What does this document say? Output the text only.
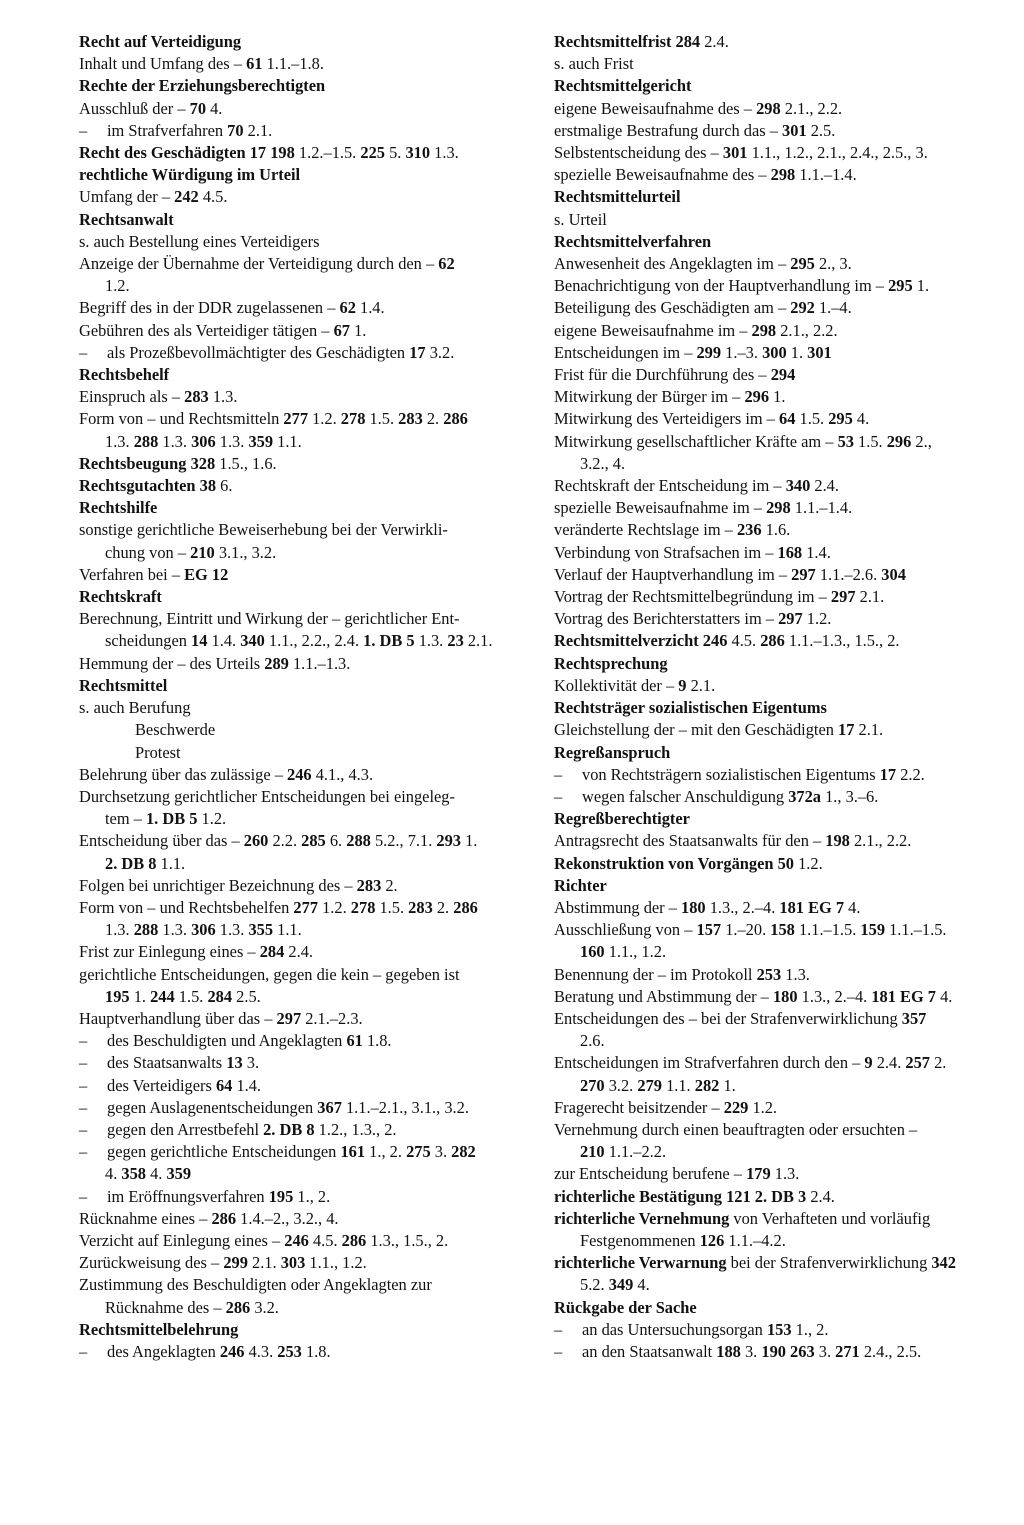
Recht auf Verteidigung
Inhalt und Umfang des – 61 1.1.–1.8.
Rechte der Erziehungsberechtigten
Ausschluß der – 70 4.
– im Strafverfahren 70 2.1.
Recht des Geschädigten 17 198 1.2.–1.5. 225 5. 310 1.3.
rechtliche Würdigung im Urteil
Umfang der – 242 4.5.
Rechtsanwalt
s. auch Bestellung eines Verteidigers
Anzeige der Übernahme der Verteidigung durch den – 62
1.2.
Begriff des in der DDR zugelassenen – 62 1.4.
Gebühren des als Verteidiger tätigen – 67 1.
– als Prozeßbevollmächtigter des Geschädigten 17 3.2.
Rechtsbehelf
Einspruch als – 283 1.3.
Form von – und Rechtsmitteln 277 1.2. 278 1.5. 283 2. 286
1.3. 288 1.3. 306 1.3. 359 1.1.
Rechtsbeugung 328 1.5., 1.6.
Rechtsgutachten 38 6.
Rechtshilfe
sonstige gerichtliche Beweiserhebung bei der Verwirkli-
chung von – 210 3.1., 3.2.
Verfahren bei – EG 12
Rechtskraft
Berechnung, Eintritt und Wirkung der – gerichtlicher Ent-
scheidungen 14 1.4. 340 1.1., 2.2., 2.4. 1. DB 5 1.3. 23 2.1.
Hemmung der – des Urteils 289 1.1.–1.3.
Rechtsmittel
s. auch Berufung
Beschwerde
Protest
Belehrung über das zulässige – 246 4.1., 4.3.
Durchsetzung gerichtlicher Entscheidungen bei eingeleg-
tem – 1. DB 5 1.2.
Entscheidung über das – 260 2.2. 285 6. 288 5.2., 7.1. 293 1.
2. DB 8 1.1.
Folgen bei unrichtiger Bezeichnung des – 283 2.
Form von – und Rechtsbehelfen 277 1.2. 278 1.5. 283 2. 286
1.3. 288 1.3. 306 1.3. 355 1.1.
Frist zur Einlegung eines – 284 2.4.
gerichtliche Entscheidungen, gegen die kein – gegeben ist
195 1. 244 1.5. 284 2.5.
Hauptverhandlung über das – 297 2.1.–2.3.
– des Beschuldigten und Angeklagten 61 1.8.
– des Staatsanwalts 13 3.
– des Verteidigers 64 1.4.
– gegen Auslagenentscheidungen 367 1.1.–2.1., 3.1., 3.2.
– gegen den Arrestbefehl 2. DB 8 1.2., 1.3., 2.
– gegen gerichtliche Entscheidungen 161 1., 2. 275 3. 282
4. 358 4. 359
– im Eröffnungsverfahren 195 1., 2.
Rücknahme eines – 286 1.4.–2., 3.2., 4.
Verzicht auf Einlegung eines – 246 4.5. 286 1.3., 1.5., 2.
Zurückweisung des – 299 2.1. 303 1.1., 1.2.
Zustimmung des Beschuldigten oder Angeklagten zur
Rücknahme des – 286 3.2.
Rechtsmittelbelehrung
– des Angeklagten 246 4.3. 253 1.8.
Rechtsmittelfrist 284 2.4.
s. auch Frist
Rechtsmittelgericht
eigene Beweisaufnahme des – 298 2.1., 2.2.
erstmalige Bestrafung durch das – 301 2.5.
Selbstentscheidung des – 301 1.1., 1.2., 2.1., 2.4., 2.5., 3.
spezielle Beweisaufnahme des – 298 1.1.–1.4.
Rechtsmittelurteil
s. Urteil
Rechtsmittelverfahren
Anwesenheit des Angeklagten im – 295 2., 3.
Benachrichtigung von der Hauptverhandlung im – 295 1.
Beteiligung des Geschädigten am – 292 1.–4.
eigene Beweisaufnahme im – 298 2.1., 2.2.
Entscheidungen im – 299 1.–3. 300 1. 301
Frist für die Durchführung des – 294
Mitwirkung der Bürger im – 296 1.
Mitwirkung des Verteidigers im – 64 1.5. 295 4.
Mitwirkung gesellschaftlicher Kräfte am – 53 1.5. 296 2.,
3.2., 4.
Rechtskraft der Entscheidung im – 340 2.4.
spezielle Beweisaufnahme im – 298 1.1.–1.4.
veränderte Rechtslage im – 236 1.6.
Verbindung von Strafsachen im – 168 1.4.
Verlauf der Hauptverhandlung im – 297 1.1.–2.6. 304
Vortrag der Rechtsmittelbegründung im – 297 2.1.
Vortrag des Berichterstatters im – 297 1.2.
Rechtsmittelverzicht 246 4.5. 286 1.1.–1.3., 1.5., 2.
Rechtsprechung
Kollektivität der – 9 2.1.
Rechtsträger sozialistischen Eigentums
Gleichstellung der – mit den Geschädigten 17 2.1.
Regreßanspruch
– von Rechtsträgern sozialistischen Eigentums 17 2.2.
– wegen falscher Anschuldigung 372a 1., 3.–6.
Regreßberechtigter
Antragsrecht des Staatsanwalts für den – 198 2.1., 2.2.
Rekonstruktion von Vorgängen 50 1.2.
Richter
Abstimmung der – 180 1.3., 2.–4. 181 EG 7 4.
Ausschließung von – 157 1.–20. 158 1.1.–1.5. 159 1.1.–1.5.
160 1.1., 1.2.
Benennung der – im Protokoll 253 1.3.
Beratung und Abstimmung der – 180 1.3., 2.–4. 181 EG 7 4.
Entscheidungen des – bei der Strafenverwirklichung 357
2.6.
Entscheidungen im Strafverfahren durch den – 9 2.4. 257 2.
270 3.2. 279 1.1. 282 1.
Fragerecht beisitzender – 229 1.2.
Vernehmung durch einen beauftragten oder ersuchten –
210 1.1.–2.2.
zur Entscheidung berufene – 179 1.3.
richterliche Bestätigung 121 2. DB 3 2.4.
richterliche Vernehmung von Verhafteten und vorläufig
Festgenommenen 126 1.1.–4.2.
richterliche Verwarnung bei der Strafenverwirklichung 342
5.2. 349 4.
Rückgabe der Sache
– an das Untersuchungsorgan 153 1., 2.
– an den Staatsanwalt 188 3. 190 263 3. 271 2.4., 2.5.
